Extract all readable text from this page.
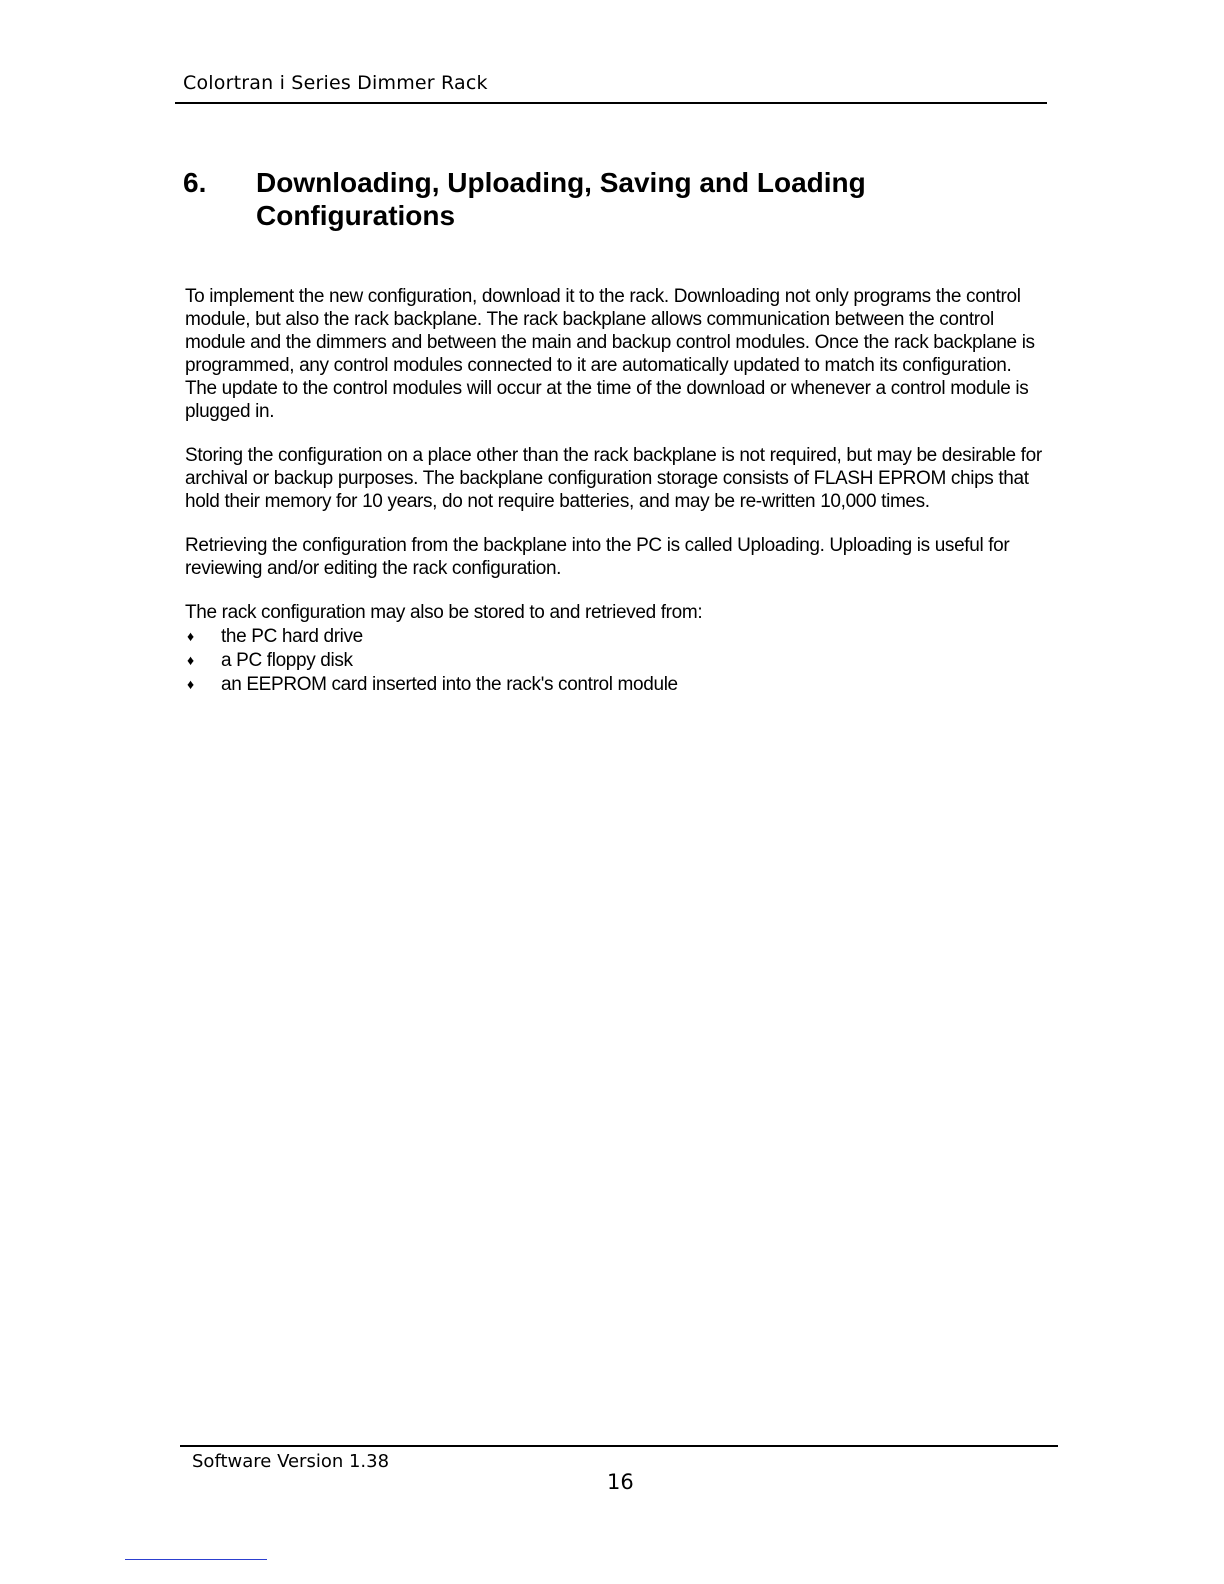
Colortran i Series Dimmer Rack
6. Downloading, Uploading, Saving and Loading Configurations

To implement the new configuration, download it to the rack. Downloading not only programs the control module, but also the rack backplane. The rack backplane allows communication between the control module and the dimmers and between the main and backup control modules. Once the rack backplane is programmed, any control modules connected to it are automatically updated to match its configuration. The update to the control modules will occur at the time of the download or whenever a control module is plugged in.

Storing the configuration on a place other than the rack backplane is not required, but may be desirable for archival or backup purposes. The backplane configuration storage consists of FLASH EPROM chips that hold their memory for 10 years, do not require batteries, and may be re-written 10,000 times.

Retrieving the configuration from the backplane into the PC is called Uploading. Uploading is useful for reviewing and/or editing the rack configuration.

The rack configuration may also be stored to and retrieved from:

♦ the PC hard drive
♦ a PC floppy disk
♦ an EEPROM card inserted into the rack's control module
Software Version 1.38
16
